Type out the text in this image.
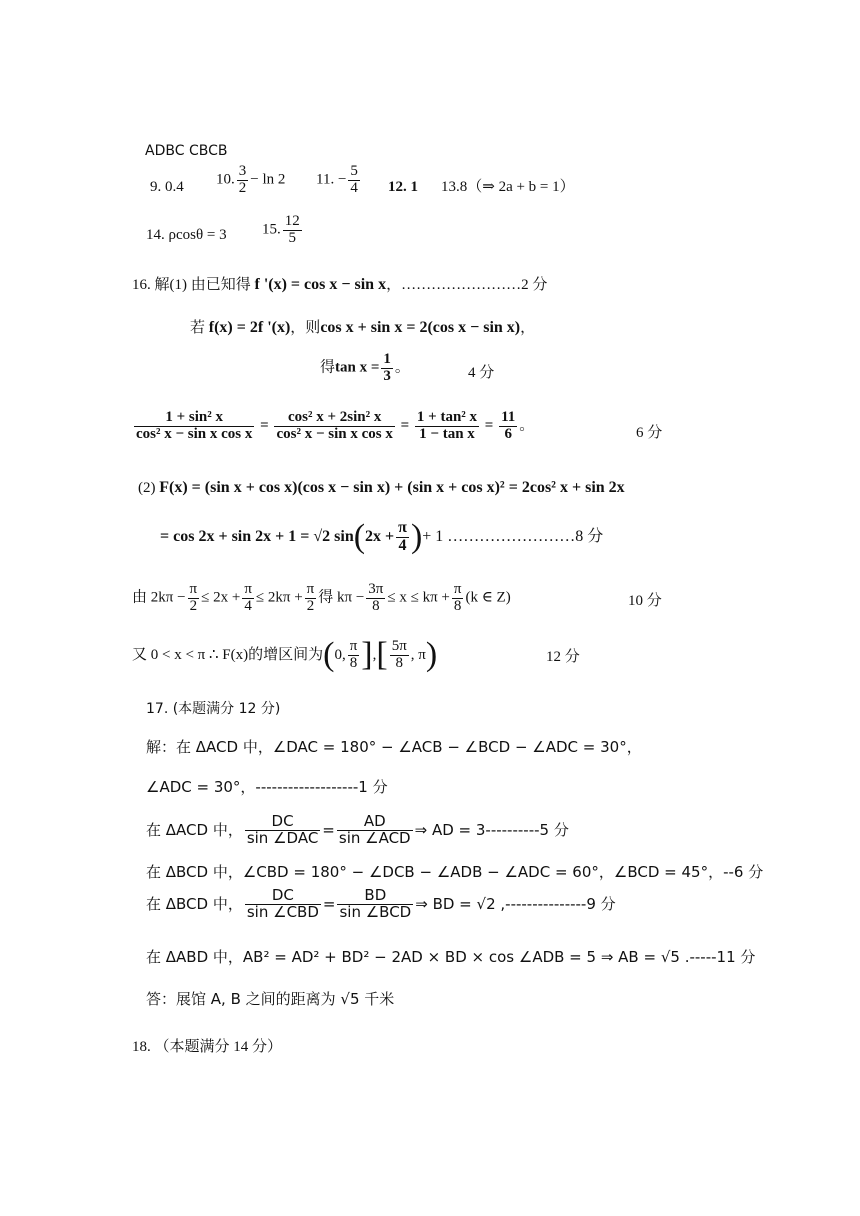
ADBC CBCB
9. 0.4 10. $\frac{3}{2} - \ln 2$ 11. − $\frac{5}{4} 12$. 1 13.8（⇒ 2a + b = 1）
14. ρcosθ = 3 15. $\frac{12}{5}$
16. 解(1) 由已知得 f '(x) = cos x − sin x，……………………2 分
若 f(x) = 2f '(x)，则cos x + sin x = 2(cos x − sin x)，
得$\tan x = \frac{1}{3}$ 。	4 分
$\frac{\text{1 + sin² x}}{\text{cos² x − sin x cos x}} = \frac{\text{cos² x + 2sin² x}}{\text{cos² x − sin x cos x}} = \frac{\text{1 + tan² x}}{\text{1 − tan x}} = \frac{11}{6}$ 。	6 分
(2) F(x) = (sin x + cos x)(cos x − sin x) + (sin x + cos x)² = 2cos² x + sin 2x
= cos 2x + sin 2x + 1 = √2 $\sin(2x + \frac{\pi}{4}$ )+ 1 ……………………8 分
由 $2k\pi - \frac{\pi}{2} \le 2x + \frac{\pi}{4} \le 2k\pi + \frac{\pi}{2}$ 得 $k\pi - \frac{3\pi}{8} \le x \le k\pi + \frac{\pi}{8} (k$ ∈ Z)	10 分
又 0 < x < π ∴ F(x)的增区间为(0, $\frac{\pi}{8}$ ],[ $\frac{5\pi}{8}$ , π)	12 分
17. (本题满分 12 分)
解：在 ΔACD 中，∠DAC = 180° − ∠ACB − ∠BCD − ∠ADC = 30°，
∠ADC = 30°，-------------------1 分
在 ΔACD 中， $\frac{DC}{\text{sin ∠DAC}} = \frac{AD}{\text{sin ∠ACD}}$ ⇒ AD = 3----------5 分
在 ΔBCD 中，∠CBD = 180° − ∠DCB − ∠ADB − ∠ADC = 60°，∠BCD = 45°，--6 分
在 ΔBCD 中， $\frac{DC}{\text{sin ∠CBD}} = \frac{BD}{\text{sin ∠BCD}}$ ⇒ BD = √2 ,---------------9 分
在 ΔABD 中，AB² = AD² + BD² − 2AD × BD × cos ∠ADB = 5 ⇒ AB = √5 .-----11 分
答：展馆 A, B 之间的距离为 √5 千米
18. （本题满分 14 分）
